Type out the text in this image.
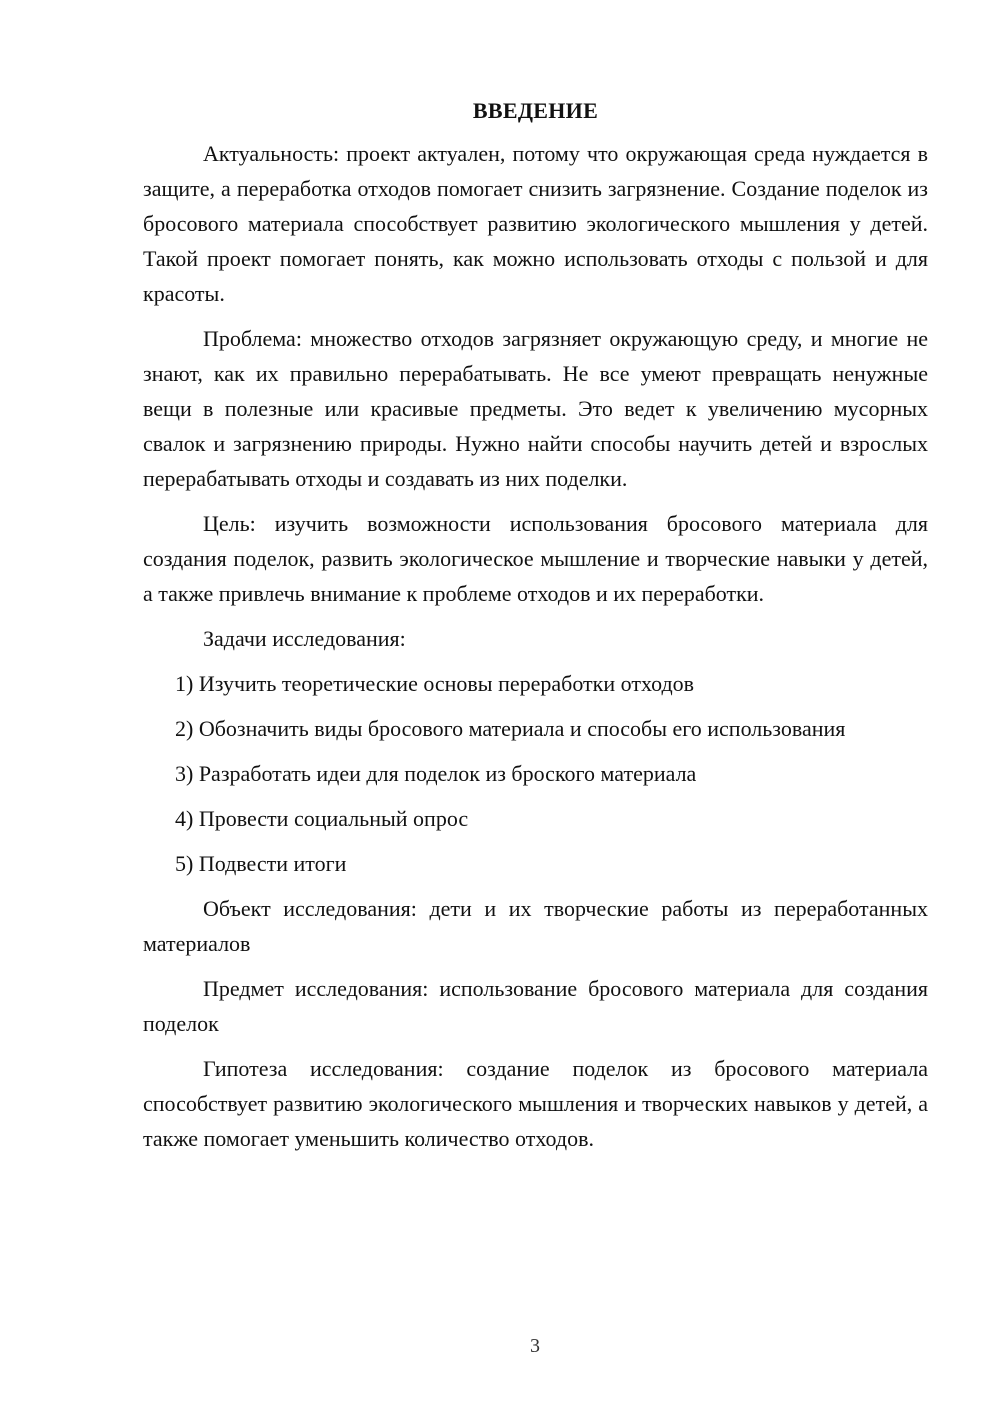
ВВЕДЕНИЕ

Актуальность: проект актуален, потому что окружающая среда нуждается в защите, а переработка отходов помогает снизить загрязнение. Создание поделок из бросового материала способствует развитию экологического мышления у детей. Такой проект помогает понять, как можно использовать отходы с пользой и для красоты.

Проблема: множество отходов загрязняет окружающую среду, и многие не знают, как их правильно перерабатывать. Не все умеют превращать ненужные вещи в полезные или красивые предметы. Это ведет к увеличению мусорных свалок и загрязнению природы. Нужно найти способы научить детей и взрослых перерабатывать отходы и создавать из них поделки.

Цель: изучить возможности использования бросового материала для создания поделок, развить экологическое мышление и творческие навыки у детей, а также привлечь внимание к проблеме отходов и их переработки.

Задачи исследования:

1) Изучить теоретические основы переработки отходов

2) Обозначить виды бросового материала и способы его использования

3) Разработать идеи для поделок из броского материала

4) Провести социальный опрос

5) Подвести итоги

Объект исследования: дети и их творческие работы из переработанных материалов

Предмет исследования: использование бросового материала для создания поделок

Гипотеза исследования: создание поделок из бросового материала способствует развитию экологического мышления и творческих навыков у детей, а также помогает уменьшить количество отходов.

3
